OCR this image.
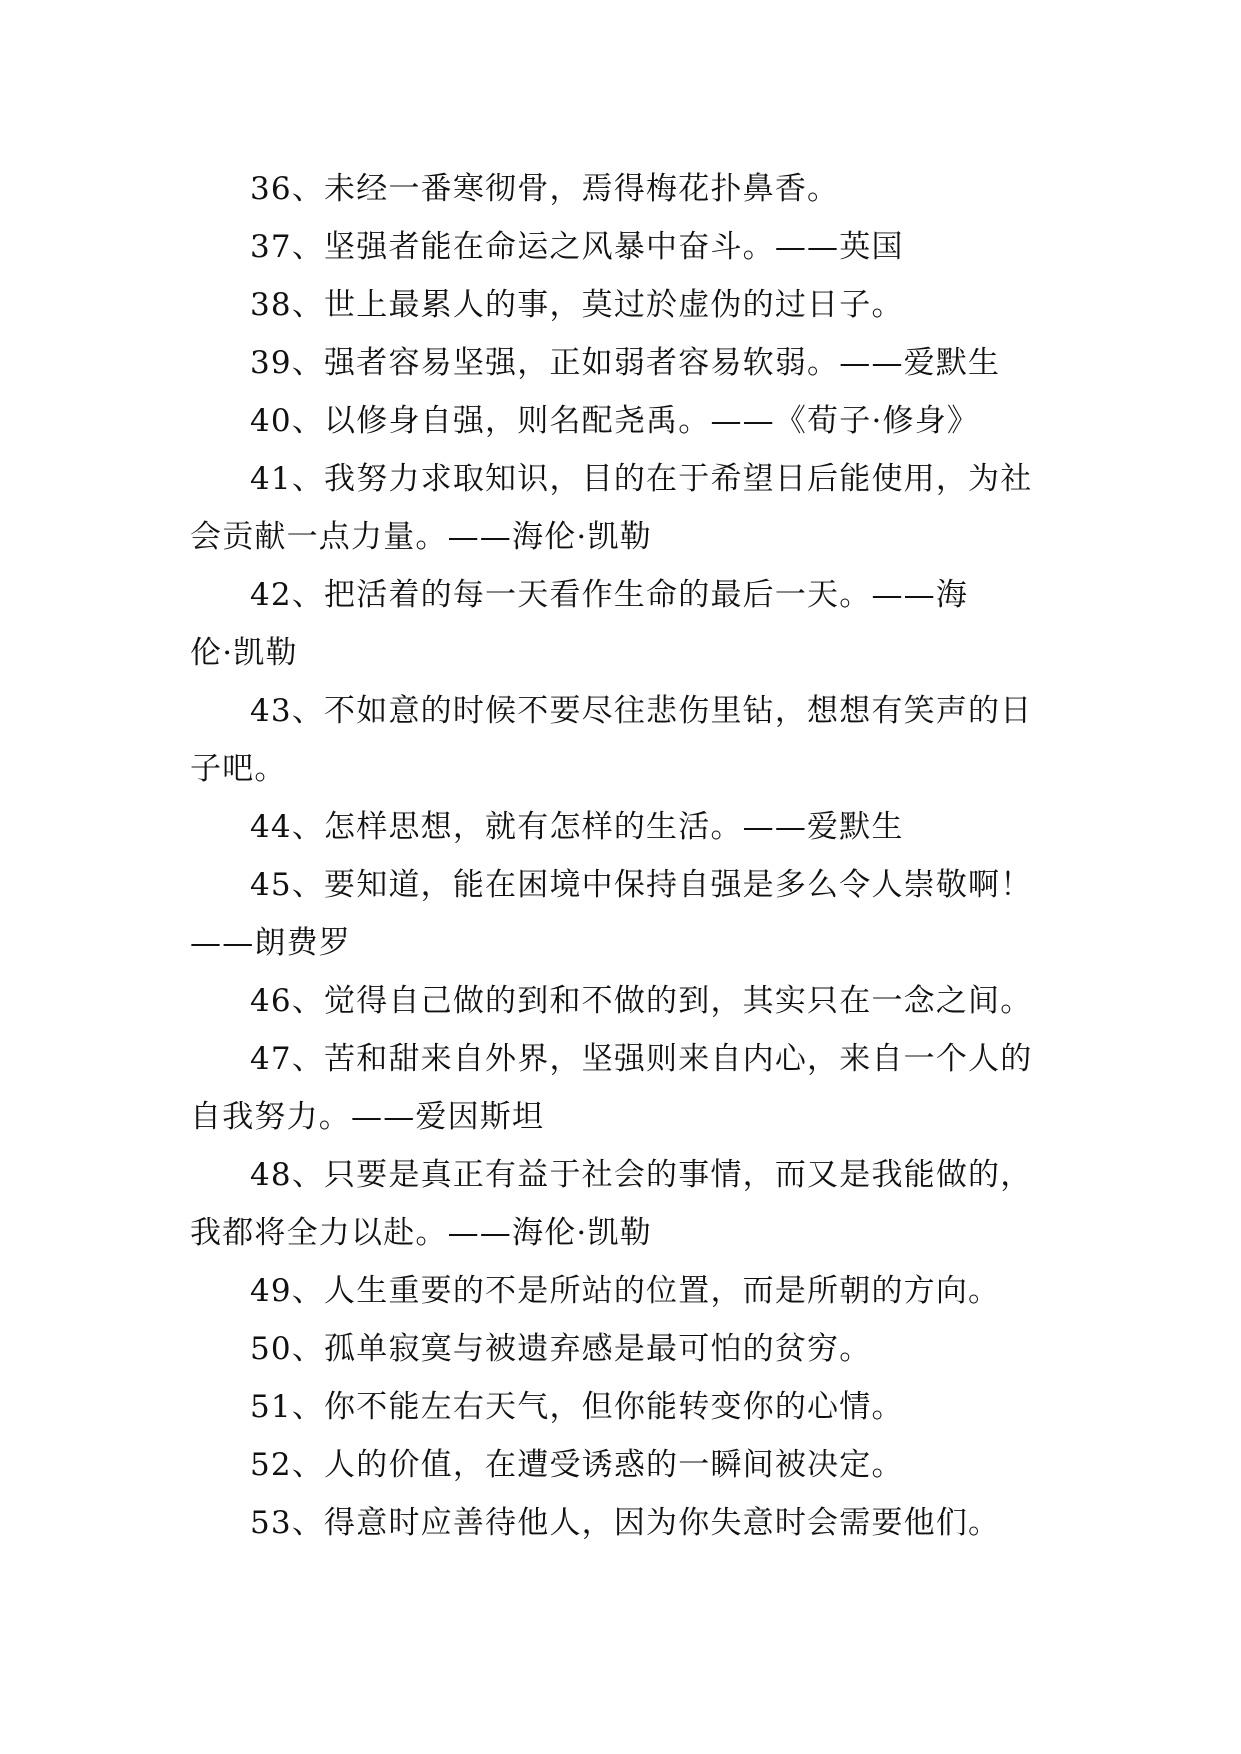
36、未经一番寒彻骨，焉得梅花扑鼻香。
37、坚强者能在命运之风暴中奋斗。——英国
38、世上最累人的事，莫过於虚伪的过日子。
39、强者容易坚强，正如弱者容易软弱。——爱默生
40、以修身自强，则名配尧禹。——《荀子·修身》
41、我努力求取知识，目的在于希望日后能使用，为社
会贡献一点力量。——海伦·凯勒
42、把活着的每一天看作生命的最后一天。——海
伦·凯勒
43、不如意的时候不要尽往悲伤里钻，想想有笑声的日
子吧。
44、怎样思想，就有怎样的生活。——爱默生
45、要知道，能在困境中保持自强是多么令人崇敬啊！
——朗费罗
46、觉得自己做的到和不做的到，其实只在一念之间。
47、苦和甜来自外界，坚强则来自内心，来自一个人的
自我努力。——爱因斯坦
48、只要是真正有益于社会的事情，而又是我能做的，
我都将全力以赴。——海伦·凯勒
49、人生重要的不是所站的位置，而是所朝的方向。
50、孤单寂寞与被遗弃感是最可怕的贫穷。
51、你不能左右天气，但你能转变你的心情。
52、人的价值，在遭受诱惑的一瞬间被决定。
53、得意时应善待他人，因为你失意时会需要他们。
